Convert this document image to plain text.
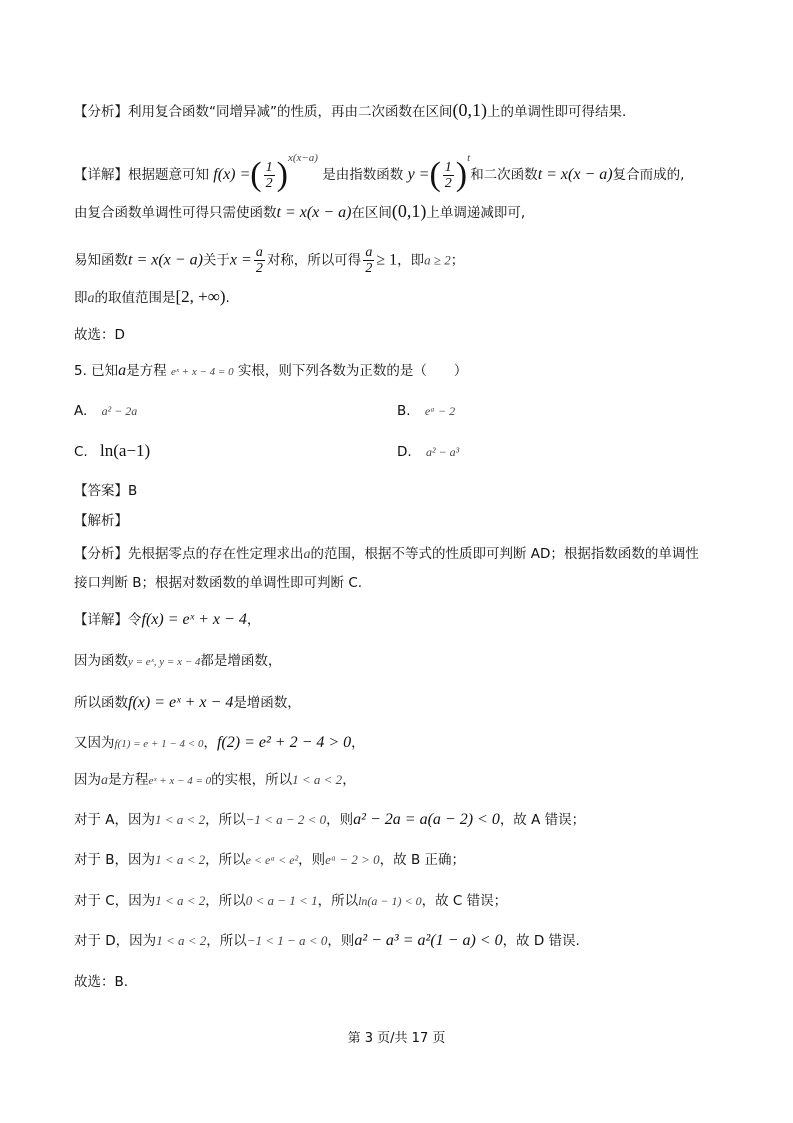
【分析】利用复合函数“同增异减”的性质，再由二次函数在区间(0,1)上的单调性即可得结果.
【详解】根据题意可知 f(x) =( $\frac{1}{2} )^{x(x-a)}$ 是由指数函数 y =( $\frac{1}{2} )^t$和二次函数t = x(x − a)复合而成的,
由复合函数单调性可得只需使函数t = x(x − a)在区间(0,1)上单调递减即可,
易知函数t = x(x − a)关于$x = \frac{a}{2}$ 对称，所以可得 $\frac{a}{2} \ge 1$，即a ≥ 2；
即a的取值范围是[2, +∞).
故选：D
5. 已知a是方程 eˣ + x − 4 = 0 实根，则下列各数为正数的是（　　）
A. a² − 2a	B. eᵃ − 2
C. ln(a−1)	D. a² − a³
【答案】B
【解析】
【分析】先根据零点的存在性定理求出a的范围，根据不等式的性质即可判断 AD；根据指数函数的单调性
接口判断 B；根据对数函数的单调性即可判断 C.
【详解】令f(x) = eˣ + x − 4，
因为函数y = eˣ, y = x − 4都是增函数，
所以函数f(x) = eˣ + x − 4是增函数，
又因为f(1) = e + 1 − 4 < 0，f(2) = e² + 2 − 4 > 0，
因为a是方程eˣ + x − 4 = 0的实根，所以1 < a < 2，
对于 A，因为1 < a < 2，所以−1 < a − 2 < 0，则a² − 2a = a(a − 2) < 0，故 A 错误；
对于 B，因为1 < a < 2，所以e < eᵃ < e²，则eᵃ − 2 > 0，故 B 正确；
对于 C，因为1 < a < 2，所以0 < a − 1 < 1，所以ln(a − 1) < 0，故 C 错误；
对于 D，因为1 < a < 2，所以−1 < 1 − a < 0，则a² − a³ = a²(1 − a) < 0，故 D 错误.
故选：B.
第 3 页/共 17 页
